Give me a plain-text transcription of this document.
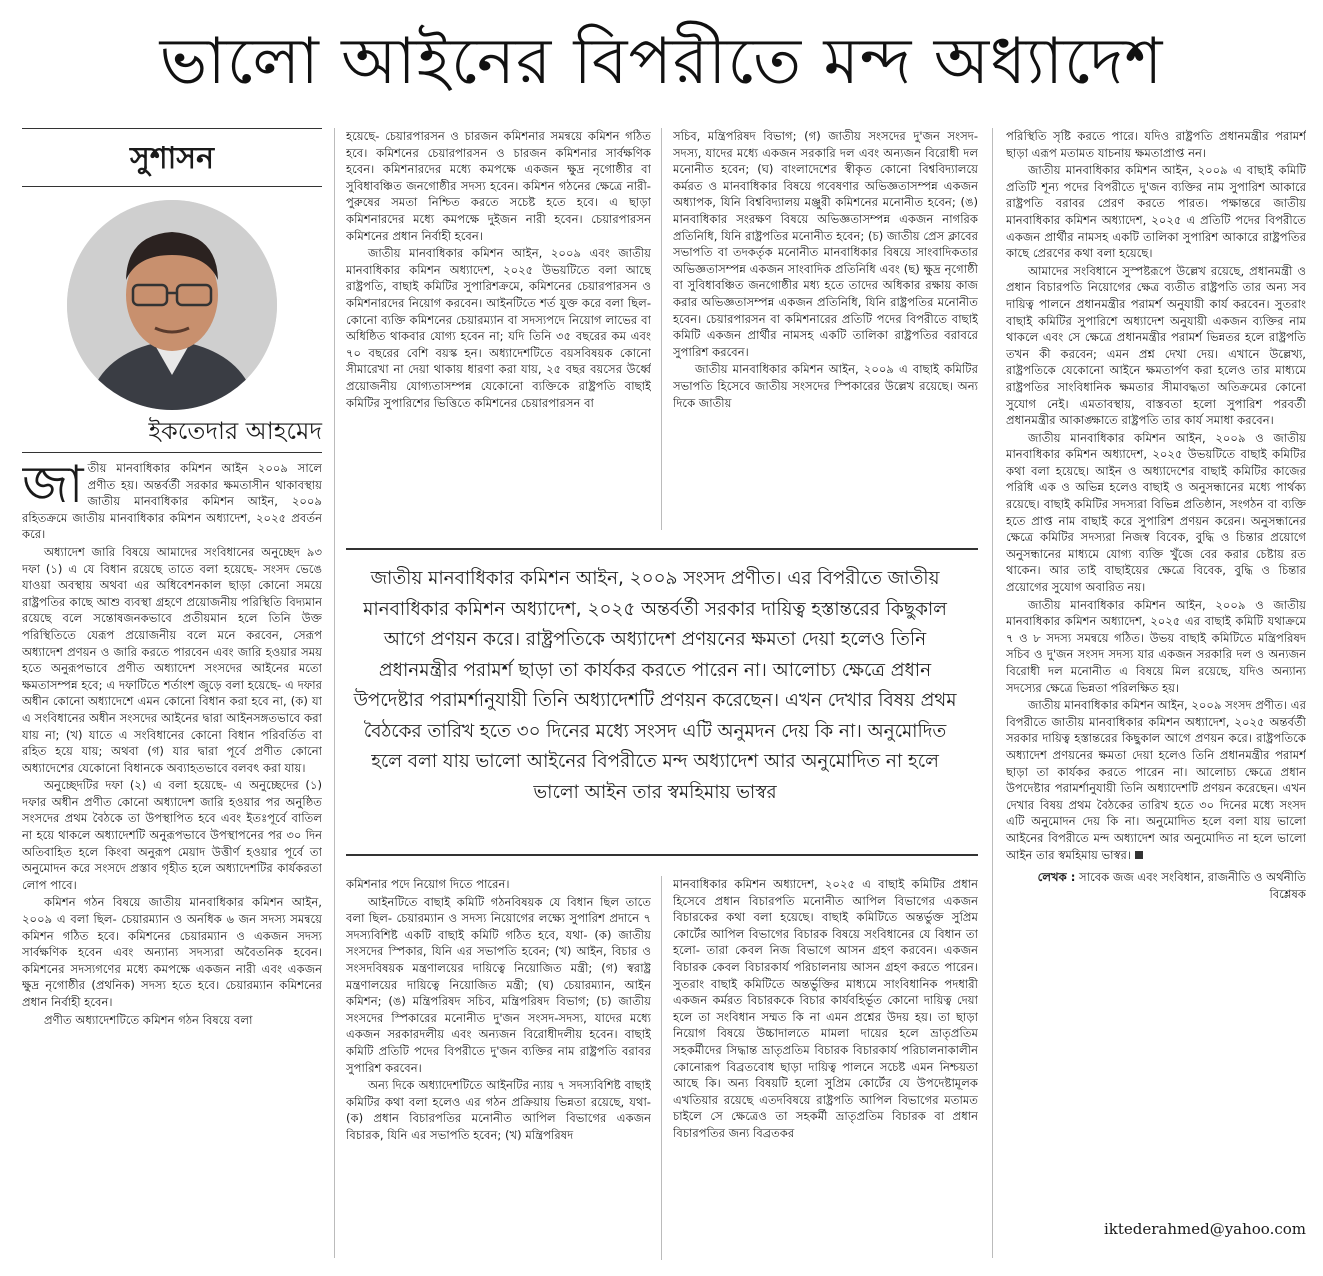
ভালো আইনের বিপরীতে মন্দ অধ্যাদেশ
সুশাসন
ইকতেদার আহমেদ

জাতীয় মানবাধিকার কমিশন আইন ২০০৯ সালে প্রণীত হয়। অন্তর্বর্তী সরকার ক্ষমতাসীন থাকাবস্থায় জাতীয় মানবাধিকার কমিশন আইন, ২০০৯ রহিতক্রমে জাতীয় মানবাধিকার কমিশন অধ্যাদেশ, ২০২৫ প্রবর্তন করে।

অধ্যাদেশ জারি বিষয়ে আমাদের সংবিধানের অনুচ্ছেদ ৯৩ দফা (১) এ যে বিধান রয়েছে তাতে বলা হয়েছে- সংসদ ভেঙে যাওয়া অবস্থায় অথবা এর অধিবেশনকাল ছাড়া কোনো সময়ে রাষ্ট্রপতির কাছে আশু ব্যবস্থা গ্রহণে প্রয়োজনীয় পরিস্থিতি বিদ্যমান রয়েছে বলে সন্তোষজনকভাবে প্রতীয়মান হলে তিনি উক্ত পরিস্থিতিতে যেরূপ প্রয়োজনীয় বলে মনে করবেন, সেরূপ অধ্যাদেশ প্রণয়ন ও জারি করতে পারবেন এবং জারি হওয়ার সময় হতে অনুরূপভাবে প্রণীত অধ্যাদেশ সংসদের আইনের মতো ক্ষমতাসম্পন্ন হবে; এ দফাটিতে শর্তাংশ জুড়ে বলা হয়েছে- এ দফার অধীন কোনো অধ্যাদেশে এমন কোনো বিধান করা হবে না, (ক) যা এ সংবিধানের অধীন সংসদের আইনের দ্বারা আইনসঙ্গতভাবে করা যায় না; (খ) যাতে এ সংবিধানের কোনো বিধান পরিবর্তিত বা রহিত হয়ে যায়; অথবা (গ) যার দ্বারা পূর্বে প্রণীত কোনো অধ্যাদেশের যেকোনো বিধানকে অব্যাহতভাবে বলবৎ করা যায়।

অনুচ্ছেদটির দফা (২) এ বলা হয়েছে- এ অনুচ্ছেদের (১) দফার অধীন প্রণীত কোনো অধ্যাদেশ জারি হওয়ার পর অনুষ্ঠিত সংসদের প্রথম বৈঠকে তা উপস্থাপিত হবে এবং ইতঃপূর্বে বাতিল না হয়ে থাকলে অধ্যাদেশটি অনুরূপভাবে উপস্থাপনের পর ৩০ দিন অতিবাহিত হলে কিংবা অনুরূপ মেয়াদ উত্তীর্ণ হওয়ার পূর্বে তা অনুমোদন করে সংসদে প্রস্তাব গৃহীত হলে অধ্যাদেশটির কার্যকরতা লোপ পাবে।

কমিশন গঠন বিষয়ে জাতীয় মানবাধিকার কমিশন আইন, ২০০৯ এ বলা ছিল- চেয়ারম্যান ও অনধিক ৬ জন সদস্য সমন্বয়ে কমিশন গঠিত হবে। কমিশনের চেয়ারম্যান ও একজন সদস্য সার্বক্ষণিক হবেন এবং অন্যান্য সদস্যরা অবৈতনিক হবেন। কমিশনের সদস্যগণের মধ্যে কমপক্ষে একজন নারী এবং একজন ক্ষুদ্র নৃগোষ্ঠীর (প্রথনিক) সদস্য হতে হবে। চেয়ারম্যান কমিশনের প্রধান নির্বাহী হবেন।

প্রণীত অধ্যাদেশটিতে কমিশন গঠন বিষয়ে বলা

হয়েছে- চেয়ারপারসন ও চারজন কমিশনার সমন্বয়ে কমিশন গঠিত হবে। কমিশনের চেয়ারপারসন ও চারজন কমিশনার সার্বক্ষণিক হবেন। কমিশনারদের মধ্যে কমপক্ষে একজন ক্ষুদ্র নৃগোষ্ঠীর বা সুবিধাবঞ্চিত জনগোষ্ঠীর সদস্য হবেন। কমিশন গঠনের ক্ষেত্রে নারী-পুরুষের সমতা নিশ্চিত করতে সচেষ্ট হতে হবে। এ ছাড়া কমিশনারদের মধ্যে কমপক্ষে দুইজন নারী হবেন। চেয়ারপারসন কমিশনের প্রধান নির্বাহী হবেন।

জাতীয় মানবাধিকার কমিশন আইন, ২০০৯ এবং জাতীয় মানবাধিকার কমিশন অধ্যাদেশ, ২০২৫ উভয়টিতে বলা আছে রাষ্ট্রপতি, বাছাই কমিটির সুপারিশক্রমে, কমিশনের চেয়ারপারসন ও কমিশনারদের নিয়োগ করবেন। আইনটিতে শর্ত যুক্ত করে বলা ছিল- কোনো ব্যক্তি কমিশনের চেয়ারম্যান বা সদস্যপদে নিয়োগ লাভের বা অধিষ্ঠিত থাকবার যোগ্য হবেন না; যদি তিনি ৩৫ বছরের কম এবং ৭০ বছরের বেশি বয়স্ক হন। অধ্যাদেশটিতে বয়সবিষয়ক কোনো সীমারেখা না দেয়া থাকায় ধারণা করা যায়, ২৫ বছর বয়সের উর্ধ্বে প্রয়োজনীয় যোগ্যতাসম্পন্ন যেকোনো ব্যক্তিকে রাষ্ট্রপতি বাছাই কমিটির সুপারিশের ভিত্তিতে কমিশনের চেয়ারপারসন বা

সচিব, মন্ত্রিপরিষদ বিভাগ; (গ) জাতীয় সংসদের দু'জন সংসদ-সদস্য, যাদের মধ্যে একজন সরকারি দল এবং অন্যজন বিরোধী দল মনোনীত হবেন; (ঘ) বাংলাদেশের স্বীকৃত কোনো বিশ্ববিদ্যালয়ে কর্মরত ও মানবাধিকার বিষয়ে গবেষণার অভিজ্ঞতাসম্পন্ন একজন অধ্যাপক, যিনি বিশ্ববিদ্যালয় মঞ্জুরী কমিশনের মনোনীত হবেন; (ঙ) মানবাধিকার সংরক্ষণ বিষয়ে অভিজ্ঞতাসম্পন্ন একজন নাগরিক প্রতিনিধি, যিনি রাষ্ট্রপতির মনোনীত হবেন; (চ) জাতীয় প্রেস ক্লাবের সভাপতি বা তদকর্তৃক মনোনীত মানবাধিকার বিষয়ে সাংবাদিকতার অভিজ্ঞতাসম্পন্ন একজন সাংবাদিক প্রতিনিধি এবং (ছ) ক্ষুদ্র নৃগোষ্ঠী বা সুবিধাবঞ্চিত জনগোষ্ঠীর মধ্য হতে তাদের অধিকার রক্ষায় কাজ করার অভিজ্ঞতাসম্পন্ন একজন প্রতিনিধি, যিনি রাষ্ট্রপতির মনোনীত হবেন। চেয়ারপারসন বা কমিশনারের প্রতিটি পদের বিপরীতে বাছাই কমিটি একজন প্রার্থীর নামসহ একটি তালিকা রাষ্ট্রপতির বরাবরে সুপারিশ করবেন।

জাতীয় মানবাধিকার কমিশন আইন, ২০০৯ এ বাছাই কমিটির সভাপতি হিসেবে জাতীয় সংসদের স্পিকারের উল্লেখ রয়েছে। অন্য দিকে জাতীয়

জাতীয় মানবাধিকার কমিশন আইন, ২০০৯ সংসদ প্রণীত। এর বিপরীতে জাতীয় মানবাধিকার কমিশন অধ্যাদেশ, ২০২৫ অন্তর্বর্তী সরকার দায়িত্ব হস্তান্তরের কিছুকাল আগে প্রণয়ন করে। রাষ্ট্রপতিকে অধ্যাদেশ প্রণয়নের ক্ষমতা দেয়া হলেও তিনি প্রধানমন্ত্রীর পরামর্শ ছাড়া তা কার্যকর করতে পারেন না। আলোচ্য ক্ষেত্রে প্রধান উপদেষ্টার পরামর্শানুযায়ী তিনি অধ্যাদেশটি প্রণয়ন করেছেন। এখন দেখার বিষয় প্রথম বৈঠকের তারিখ হতে ৩০ দিনের মধ্যে সংসদ এটি অনুমদন দেয় কি না। অনুমোদিত হলে বলা যায় ভালো আইনের বিপরীতে মন্দ অধ্যাদেশ আর অনুমোদিত না হলে ভালো আইন তার স্বমহিমায় ভাস্বর

কমিশনার পদে নিয়োগ দিতে পারেন।

আইনটিতে বাছাই কমিটি গঠনবিষয়ক যে বিধান ছিল তাতে বলা ছিল- চেয়ারম্যান ও সদস্য নিয়োগের লক্ষ্যে সুপারিশ প্রদানে ৭ সদস্যবিশিষ্ট একটি বাছাই কমিটি গঠিত হবে, যথা- (ক) জাতীয় সংসদের স্পিকার, যিনি এর সভাপতি হবেন; (খ) আইন, বিচার ও সংসদবিষয়ক মন্ত্রণালয়ের দায়িত্বে নিয়োজিত মন্ত্রী; (গ) স্বরাষ্ট্র মন্ত্রণালয়ের দায়িত্বে নিয়োজিত মন্ত্রী; (ঘ) চেয়ারম্যান, আইন কমিশন; (ঙ) মন্ত্রিপরিষদ সচিব, মন্ত্রিপরিষদ বিভাগ; (চ) জাতীয় সংসদের স্পিকারের মনোনীত দু'জন সংসদ-সদস্য, যাদের মধ্যে একজন সরকারদলীয় এবং অন্যজন বিরোধীদলীয় হবেন। বাছাই কমিটি প্রতিটি পদের বিপরীতে দু'জন ব্যক্তির নাম রাষ্ট্রপতি বরাবর সুপারিশ করবেন।

অন্য দিকে অধ্যাদেশটিতে আইনটির ন্যায় ৭ সদস্যবিশিষ্ট বাছাই কমিটির কথা বলা হলেও এর গঠন প্রক্রিয়ায় ভিন্নতা রয়েছে, যথা- (ক) প্রধান বিচারপতির মনোনীত আপিল বিভাগের একজন বিচারক, যিনি এর সভাপতি হবেন; (খ) মন্ত্রিপরিষদ

মানবাধিকার কমিশন অধ্যাদেশ, ২০২৫ এ বাছাই কমিটির প্রধান হিসেবে প্রধান বিচারপতি মনোনীত আপিল বিভাগের একজন বিচারকের কথা বলা হয়েছে। বাছাই কমিটিতে অন্তর্ভুক্ত সুপ্রিম কোর্টের আপিল বিভাগের বিচারক বিষয়ে সংবিধানের যে বিধান তা হলো- তারা কেবল নিজ বিভাগে আসন গ্রহণ করবেন। একজন বিচারক কেবল বিচারকার্য পরিচালনায় আসন গ্রহণ করতে পারেন। সুতরাং বাছাই কমিটিতে অন্তর্ভুক্তির মাধ্যমে সাংবিধানিক পদধারী একজন কর্মরত বিচারককে বিচার কার্যবহির্ভূত কোনো দায়িত্ব দেয়া হলে তা সংবিধান সম্মত কি না এমন প্রশ্নের উদয় হয়। তা ছাড়া নিয়োগ বিষয়ে উচ্চাদালতে মামলা দায়ের হলে ভ্রাতৃপ্রতিম সহকর্মীদের সিদ্ধান্ত ভ্রাতৃপ্রতিম বিচারক বিচারকার্য পরিচালনাকালীন কোনোরূপ বিব্রতবোধ ছাড়া দায়িত্ব পালনে সচেষ্ট এমন নিশ্চয়তা আছে কি। অন্য বিষয়টি হলো সুপ্রিম কোর্টের যে উপদেষ্টামূলক এখতিয়ার রয়েছে এতদবিষয়ে রাষ্ট্রপতি আপিল বিভাগের মতামত চাইলে সে ক্ষেত্রেও তা সহকর্মী ভ্রাতৃপ্রতিম বিচারক বা প্রধান বিচারপতির জন্য বিব্রতকর

পরিস্থিতি সৃষ্টি করতে পারে। যদিও রাষ্ট্রপতি প্রধানমন্ত্রীর পরামর্শ ছাড়া এরূপ মতামত যাচনায় ক্ষমতাপ্রাপ্ত নন।

জাতীয় মানবাধিকার কমিশন আইন, ২০০৯ এ বাছাই কমিটি প্রতিটি শূন্য পদের বিপরীতে দু'জন ব্যক্তির নাম সুপারিশ আকারে রাষ্ট্রপতি বরাবর প্রেরণ করতে পারত। পক্ষান্তরে জাতীয় মানবাধিকার কমিশন অধ্যাদেশ, ২০২৫ এ প্রতিটি পদের বিপরীতে একজন প্রার্থীর নামসহ একটি তালিকা সুপারিশ আকারে রাষ্ট্রপতির কাছে প্রেরণের কথা বলা হয়েছে।

আমাদের সংবিধানে সুস্পষ্টরূপে উল্লেখ রয়েছে, প্রধানমন্ত্রী ও প্রধান বিচারপতি নিয়োগের ক্ষেত্র ব্যতীত রাষ্ট্রপতি তার অন্য সব দায়িত্ব পালনে প্রধানমন্ত্রীর পরামর্শ অনুযায়ী কার্য করবেন। সুতরাং বাছাই কমিটির সুপারিশে অধ্যাদেশ অনুযায়ী একজন ব্যক্তির নাম থাকলে এবং সে ক্ষেত্রে প্রধানমন্ত্রীর পরামর্শ ভিন্নতর হলে রাষ্ট্রপতি তখন কী করবেন; এমন প্রশ্ন দেখা দেয়। এখানে উল্লেখ্য, রাষ্ট্রপতিকে যেকোনো আইনে ক্ষমতার্পণ করা হলেও তার মাধ্যমে রাষ্ট্রপতির সাংবিধানিক ক্ষমতার সীমাবদ্ধতা অতিক্রমের কোনো সুযোগ নেই। এমতাবস্থায়, বাস্তবতা হলো সুপারিশ পরবর্তী প্রধানমন্ত্রীর আকাঙ্ক্ষাতে রাষ্ট্রপতি তার কার্য সমাধা করবেন।

জাতীয় মানবাধিকার কমিশন আইন, ২০০৯ ও জাতীয় মানবাধিকার কমিশন অধ্যাদেশ, ২০২৫ উভয়টিতে বাছাই কমিটির কথা বলা হয়েছে। আইন ও অধ্যাদেশের বাছাই কমিটির কাজের পরিধি এক ও অভিন্ন হলেও বাছাই ও অনুসন্ধানের মধ্যে পার্থক্য রয়েছে। বাছাই কমিটির সদস্যরা বিভিন্ন প্রতিষ্ঠান, সংগঠন বা ব্যক্তি হতে প্রাপ্ত নাম বাছাই করে সুপারিশ প্রণয়ন করেন। অনুসন্ধানের ক্ষেত্রে কমিটির সদস্যরা নিজস্ব বিবেক, বুদ্ধি ও চিন্তার প্রয়োগে অনুসন্ধানের মাধ্যমে যোগ্য ব্যক্তি খুঁজে বের করার চেষ্টায় রত থাকেন। আর তাই বাছাইয়ের ক্ষেত্রে বিবেক, বুদ্ধি ও চিন্তার প্রয়োগের সুযোগ অবারিত নয়।

জাতীয় মানবাধিকার কমিশন আইন, ২০০৯ ও জাতীয় মানবাধিকার কমিশন অধ্যাদেশ, ২০২৫ এর বাছাই কমিটি যথাক্রমে ৭ ও ৮ সদস্য সমন্বয়ে গঠিত। উভয় বাছাই কমিটিতে মন্ত্রিপরিষদ সচিব ও দু'জন সংসদ সদস্য যার একজন সরকারি দল ও অন্যজন বিরোধী দল মনোনীত এ বিষয়ে মিল রয়েছে, যদিও অন্যান্য সদস্যের ক্ষেত্রে ভিন্নতা পরিলক্ষিত হয়।

জাতীয় মানবাধিকার কমিশন আইন, ২০০৯ সংসদ প্রণীত। এর বিপরীতে জাতীয় মানবাধিকার কমিশন অধ্যাদেশ, ২০২৫ অন্তর্বর্তী সরকার দায়িত্ব হস্তান্তরের কিছুকাল আগে প্রণয়ন করে। রাষ্ট্রপতিকে অধ্যাদেশ প্রণয়নের ক্ষমতা দেয়া হলেও তিনি প্রধানমন্ত্রীর পরামর্শ ছাড়া তা কার্যকর করতে পারেন না। আলোচ্য ক্ষেত্রে প্রধান উপদেষ্টার পরামর্শানুযায়ী তিনি অধ্যাদেশটি প্রণয়ন করেছেন। এখন দেখার বিষয় প্রথম বৈঠকের তারিখ হতে ৩০ দিনের মধ্যে সংসদ এটি অনুমোদন দেয় কি না। অনুমোদিত হলে বলা যায় ভালো আইনের বিপরীতে মন্দ অধ্যাদেশ আর অনুমোদিত না হলে ভালো আইন তার স্বমহিমায় ভাস্বর।

লেখক : সাবেক জজ এবং সংবিধান, রাজনীতি ও অর্থনীতি বিশ্লেষক
iktederahmed@yahoo.com
